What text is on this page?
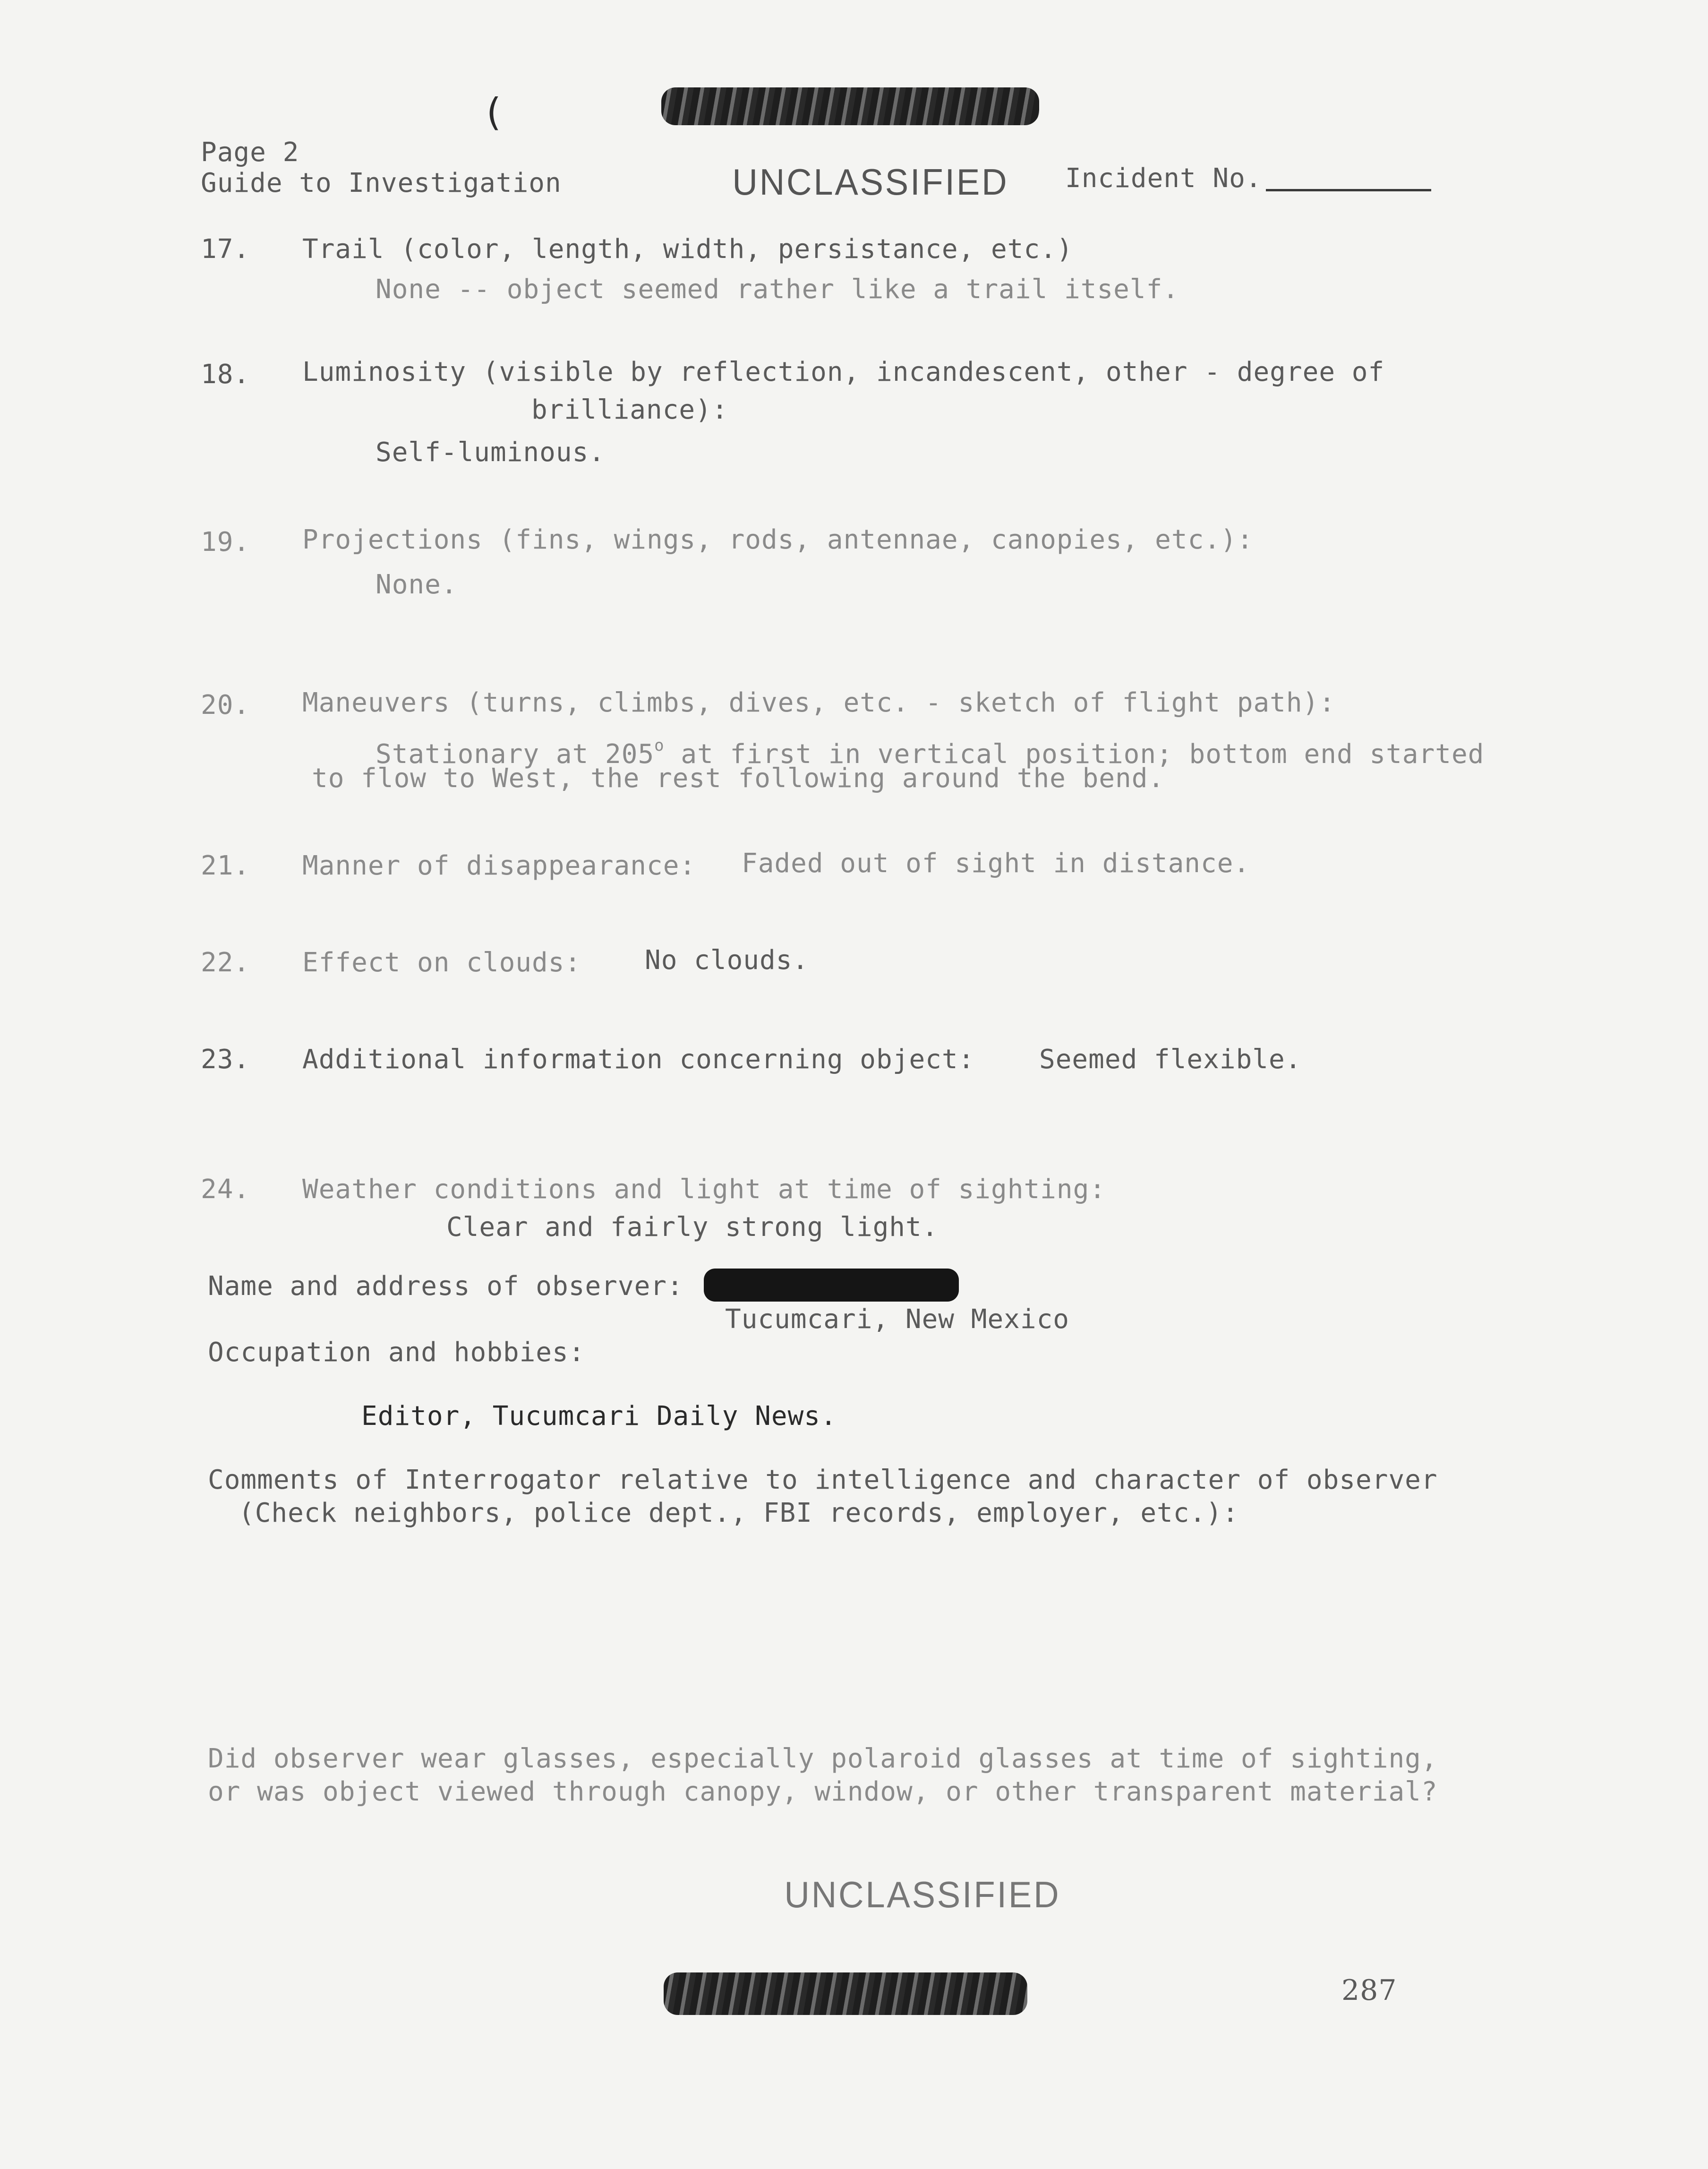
(
Page 2
Guide to Investigation	UNCLASSIFIED Incident No.
17. Trail (color, length, width, persistance, etc.)
None -- object seemed rather like a trail itself.
18. Luminosity (visible by reflection, incandescent, other - degree of
brilliance):
Self-luminous.
19. Projections (fins, wings, rods, antennae, canopies, etc.):
None.
20. Maneuvers (turns, climbs, dives, etc. - sketch of flight path):
Stationary at 205$^o$ at first in vertical position; bottom end started
to flow to West, the rest following around the bend.
21. Manner of disappearance: Faded out of sight in distance.
22. Effect on clouds: No clouds.
23. Additional information concerning object: Seemed flexible.
24. Weather conditions and light at time of sighting:
Clear and fairly strong light.
Name and address of observer:
Tucumcari, New Mexico
Occupation and hobbies:
Editor, Tucumcari Daily News.
Comments of Interrogator relative to intelligence and character of observer
(Check neighbors, police dept., FBI records, employer, etc.):
Did observer wear glasses, especially polaroid glasses at time of sighting,
or was object viewed through canopy, window, or other transparent material?
UNCLASSIFIED
287
